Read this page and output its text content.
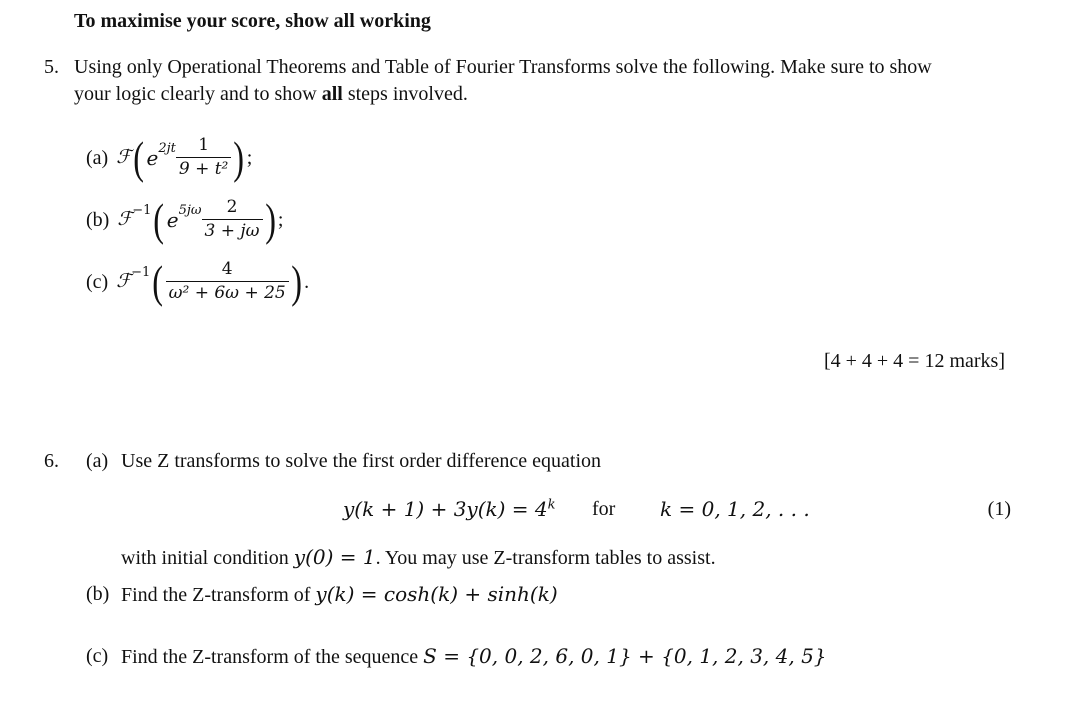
To maximise your score, show all working
5. Using only Operational Theorems and Table of Fourier Transforms solve the following. Make sure to show
your logic clearly and to show all steps involved.
(a) ℱ ( e $2jt \frac{1}{\text{9 + t²}}$ ) ;
(b) ℱ −1 ( e $5j\omega \frac{2}{3 + j\omega}$ ) ;
(c) ℱ −1 ( $\frac{4}{\text{ω² + 6ω + 25}}$ ) .
[4 + 4 + 4 = 12 marks]
6. (a) Use Z transforms to solve the first order difference equation
$y(k + 1) + 3y(k) = 4^k$ for k = 0, 1, 2, . . .	(1)
with initial condition y(0) = 1. You may use Z-transform tables to assist.
(b) Find the Z-transform of y(k) = cosh(k) + sinh(k)
(c) Find the Z-transform of the sequence S = {0, 0, 2, 6, 0, 1} + {0, 1, 2, 3, 4, 5}
